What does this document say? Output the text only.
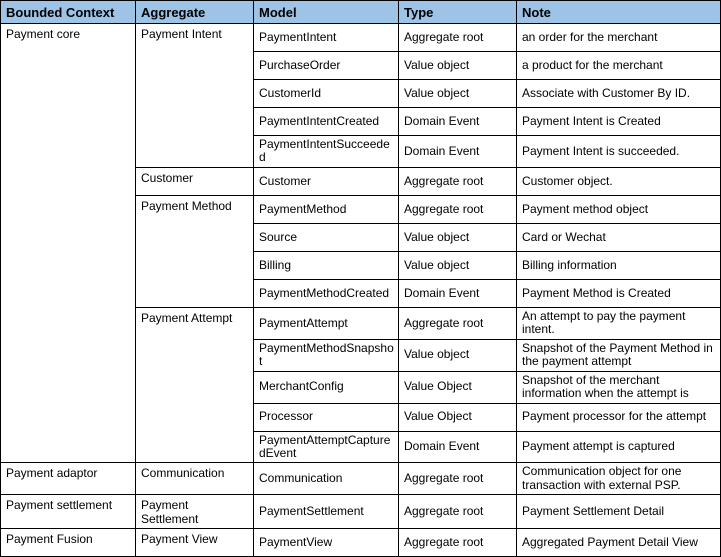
Bounded Context	Aggregate	Model	Type	Note
Payment core	Payment Intent	PaymentIntent	Aggregate root	an order for the merchant
		PurchaseOrder	Value object	a product for the merchant
		CustomerId	Value object	Associate with Customer By ID.
		PaymentIntentCreated	Domain Event	Payment Intent is Created
		PaymentIntentSucceeded	Domain Event	Payment Intent is succeeded.
	Customer	Customer	Aggregate root	Customer object.
	Payment Method	PaymentMethod	Aggregate root	Payment method object
		Source	Value object	Card or Wechat
		Billing	Value object	Billing information
		PaymentMethodCreated	Domain Event	Payment Method is Created
	Payment Attempt	PaymentAttempt	Aggregate root	An attempt to pay the payment intent.
		PaymentMethodSnapshot	Value object	Snapshot of the Payment Method in the payment attempt
		MerchantConfig	Value Object	Snapshot of the merchant information when the attempt is
		Processor	Value Object	Payment processor for the attempt
		PaymentAttemptCapturedEvent	Domain Event	Payment attempt is captured
Payment adaptor	Communication	Communication	Aggregate root	Communication object for one transaction with external PSP.
Payment settlement	Payment Settlement	PaymentSettlement	Aggregate root	Payment Settlement Detail
Payment Fusion	Payment View	PaymentView	Aggregate root	Aggregated Payment Detail View
